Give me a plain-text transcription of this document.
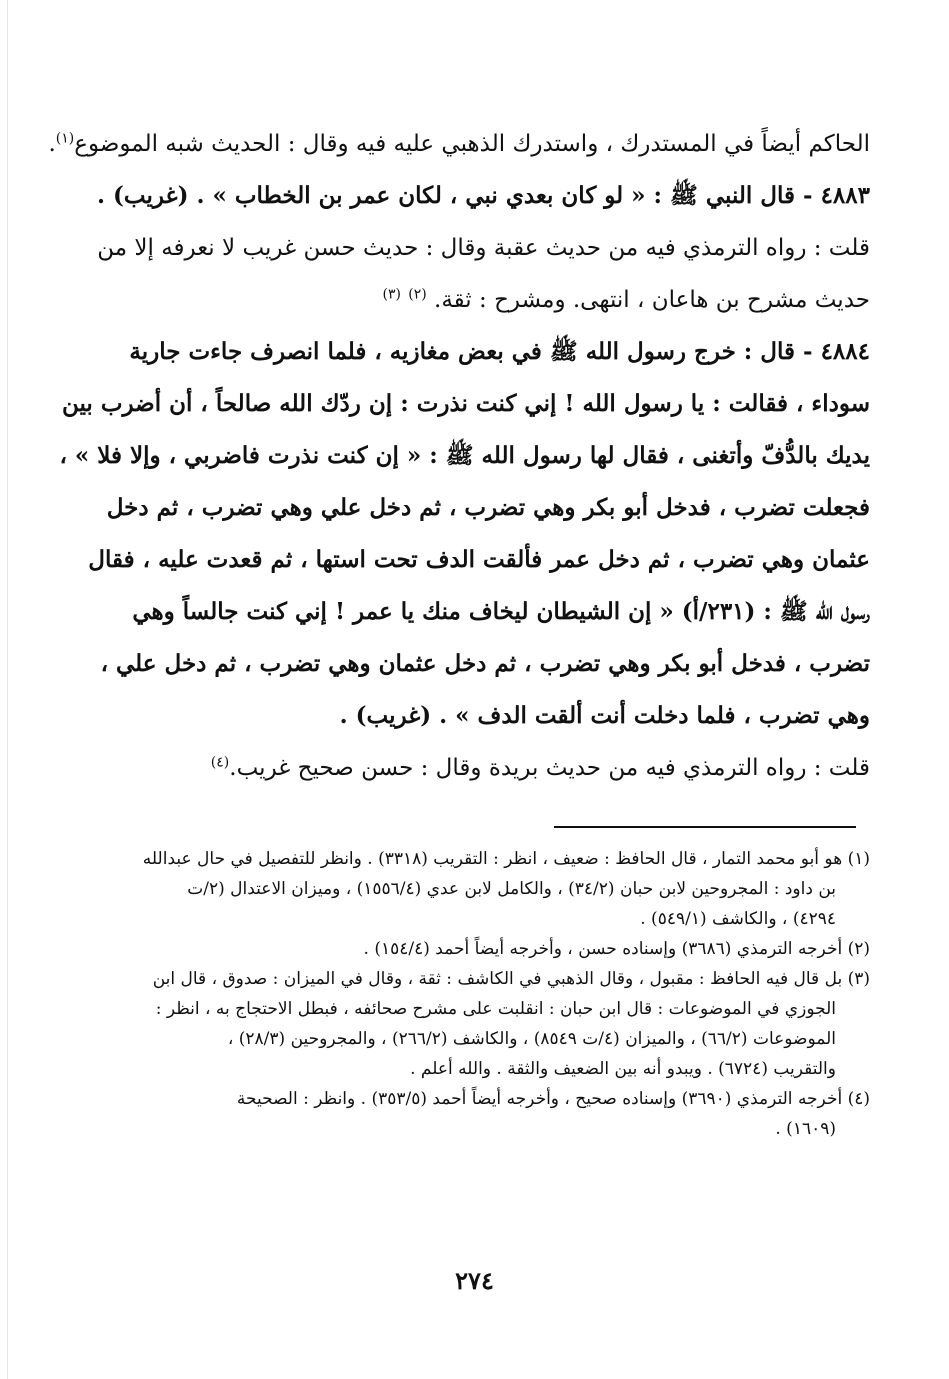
الحاكم أيضاً في المستدرك ، واستدرك الذهبي عليه فيه وقال : الحديث شبه الموضوع$^{(١)}$.
٤٨٨٣ - قال النبي ﷺ : « لو كان بعدي نبي ، لكان عمر بن الخطاب » . (غريب) .
قلت : رواه الترمذي فيه من حديث عقبة وقال : حديث حسن غريب لا نعرفه إلا من
حديث مشرح بن هاعان ، انتهى. ومشرح : ثقة. $^{(٢)}$ $^{(٣)}$
٤٨٨٤ - قال : خرج رسول الله ﷺ في بعض مغازيه ، فلما انصرف جاءت جارية
سوداء ، فقالت : يا رسول الله ! إني كنت نذرت : إن ردّك الله صالحاً ، أن أضرب بين
يديك بالدُّفّ وأتغنى ، فقال لها رسول الله ﷺ : « إن كنت نذرت فاضربي ، وإلا فلا » ،
فجعلت تضرب ، فدخل أبو بكر وهي تضرب ، ثم دخل علي وهي تضرب ، ثم دخل
عثمان وهي تضرب ، ثم دخل عمر فألقت الدف تحت استها ، ثم قعدت عليه ، فقال
رسول الله ﷺ : (٢٣١/أ) « إن الشيطان ليخاف منك يا عمر ! إني كنت جالساً وهي
تضرب ، فدخل أبو بكر وهي تضرب ، ثم دخل عثمان وهي تضرب ، ثم دخل علي ،
وهي تضرب ، فلما دخلت أنت ألقت الدف » . (غريب) .
قلت : رواه الترمذي فيه من حديث بريدة وقال : حسن صحيح غريب.$^{(٤)}$
(١) هو أبو محمد التمار ، قال الحافظ : ضعيف ، انظر : التقريب (٣٣١٨) . وانظر للتفصيل في حال عبدالله
بن داود : المجروحين لابن حبان (٣٤/٢) ، والكامل لابن عدي (١٥٥٦/٤) ، وميزان الاعتدال (٢/ت
٤٢٩٤) ، والكاشف (٥٤٩/١) .
(٢) أخرجه الترمذي (٣٦٨٦) وإسناده حسن ، وأخرجه أيضاً أحمد (١٥٤/٤) .
(٣) بل قال فيه الحافظ : مقبول ، وقال الذهبي في الكاشف : ثقة ، وقال في الميزان : صدوق ، قال ابن
الجوزي في الموضوعات : قال ابن حبان : انقلبت على مشرح صحائفه ، فبطل الاحتجاج به ، انظر :
الموضوعات (٦٦/٢) ، والميزان (٤/ت ٨٥٤٩) ، والكاشف (٢٦٦/٢) ، والمجروحين (٢٨/٣) ،
والتقريب (٦٧٢٤) . ويبدو أنه بين الضعيف والثقة . والله أعلم .
(٤) أخرجه الترمذي (٣٦٩٠) وإسناده صحيح ، وأخرجه أيضاً أحمد (٣٥٣/٥) . وانظر : الصحيحة
(١٦٠٩) .
٢٧٤
